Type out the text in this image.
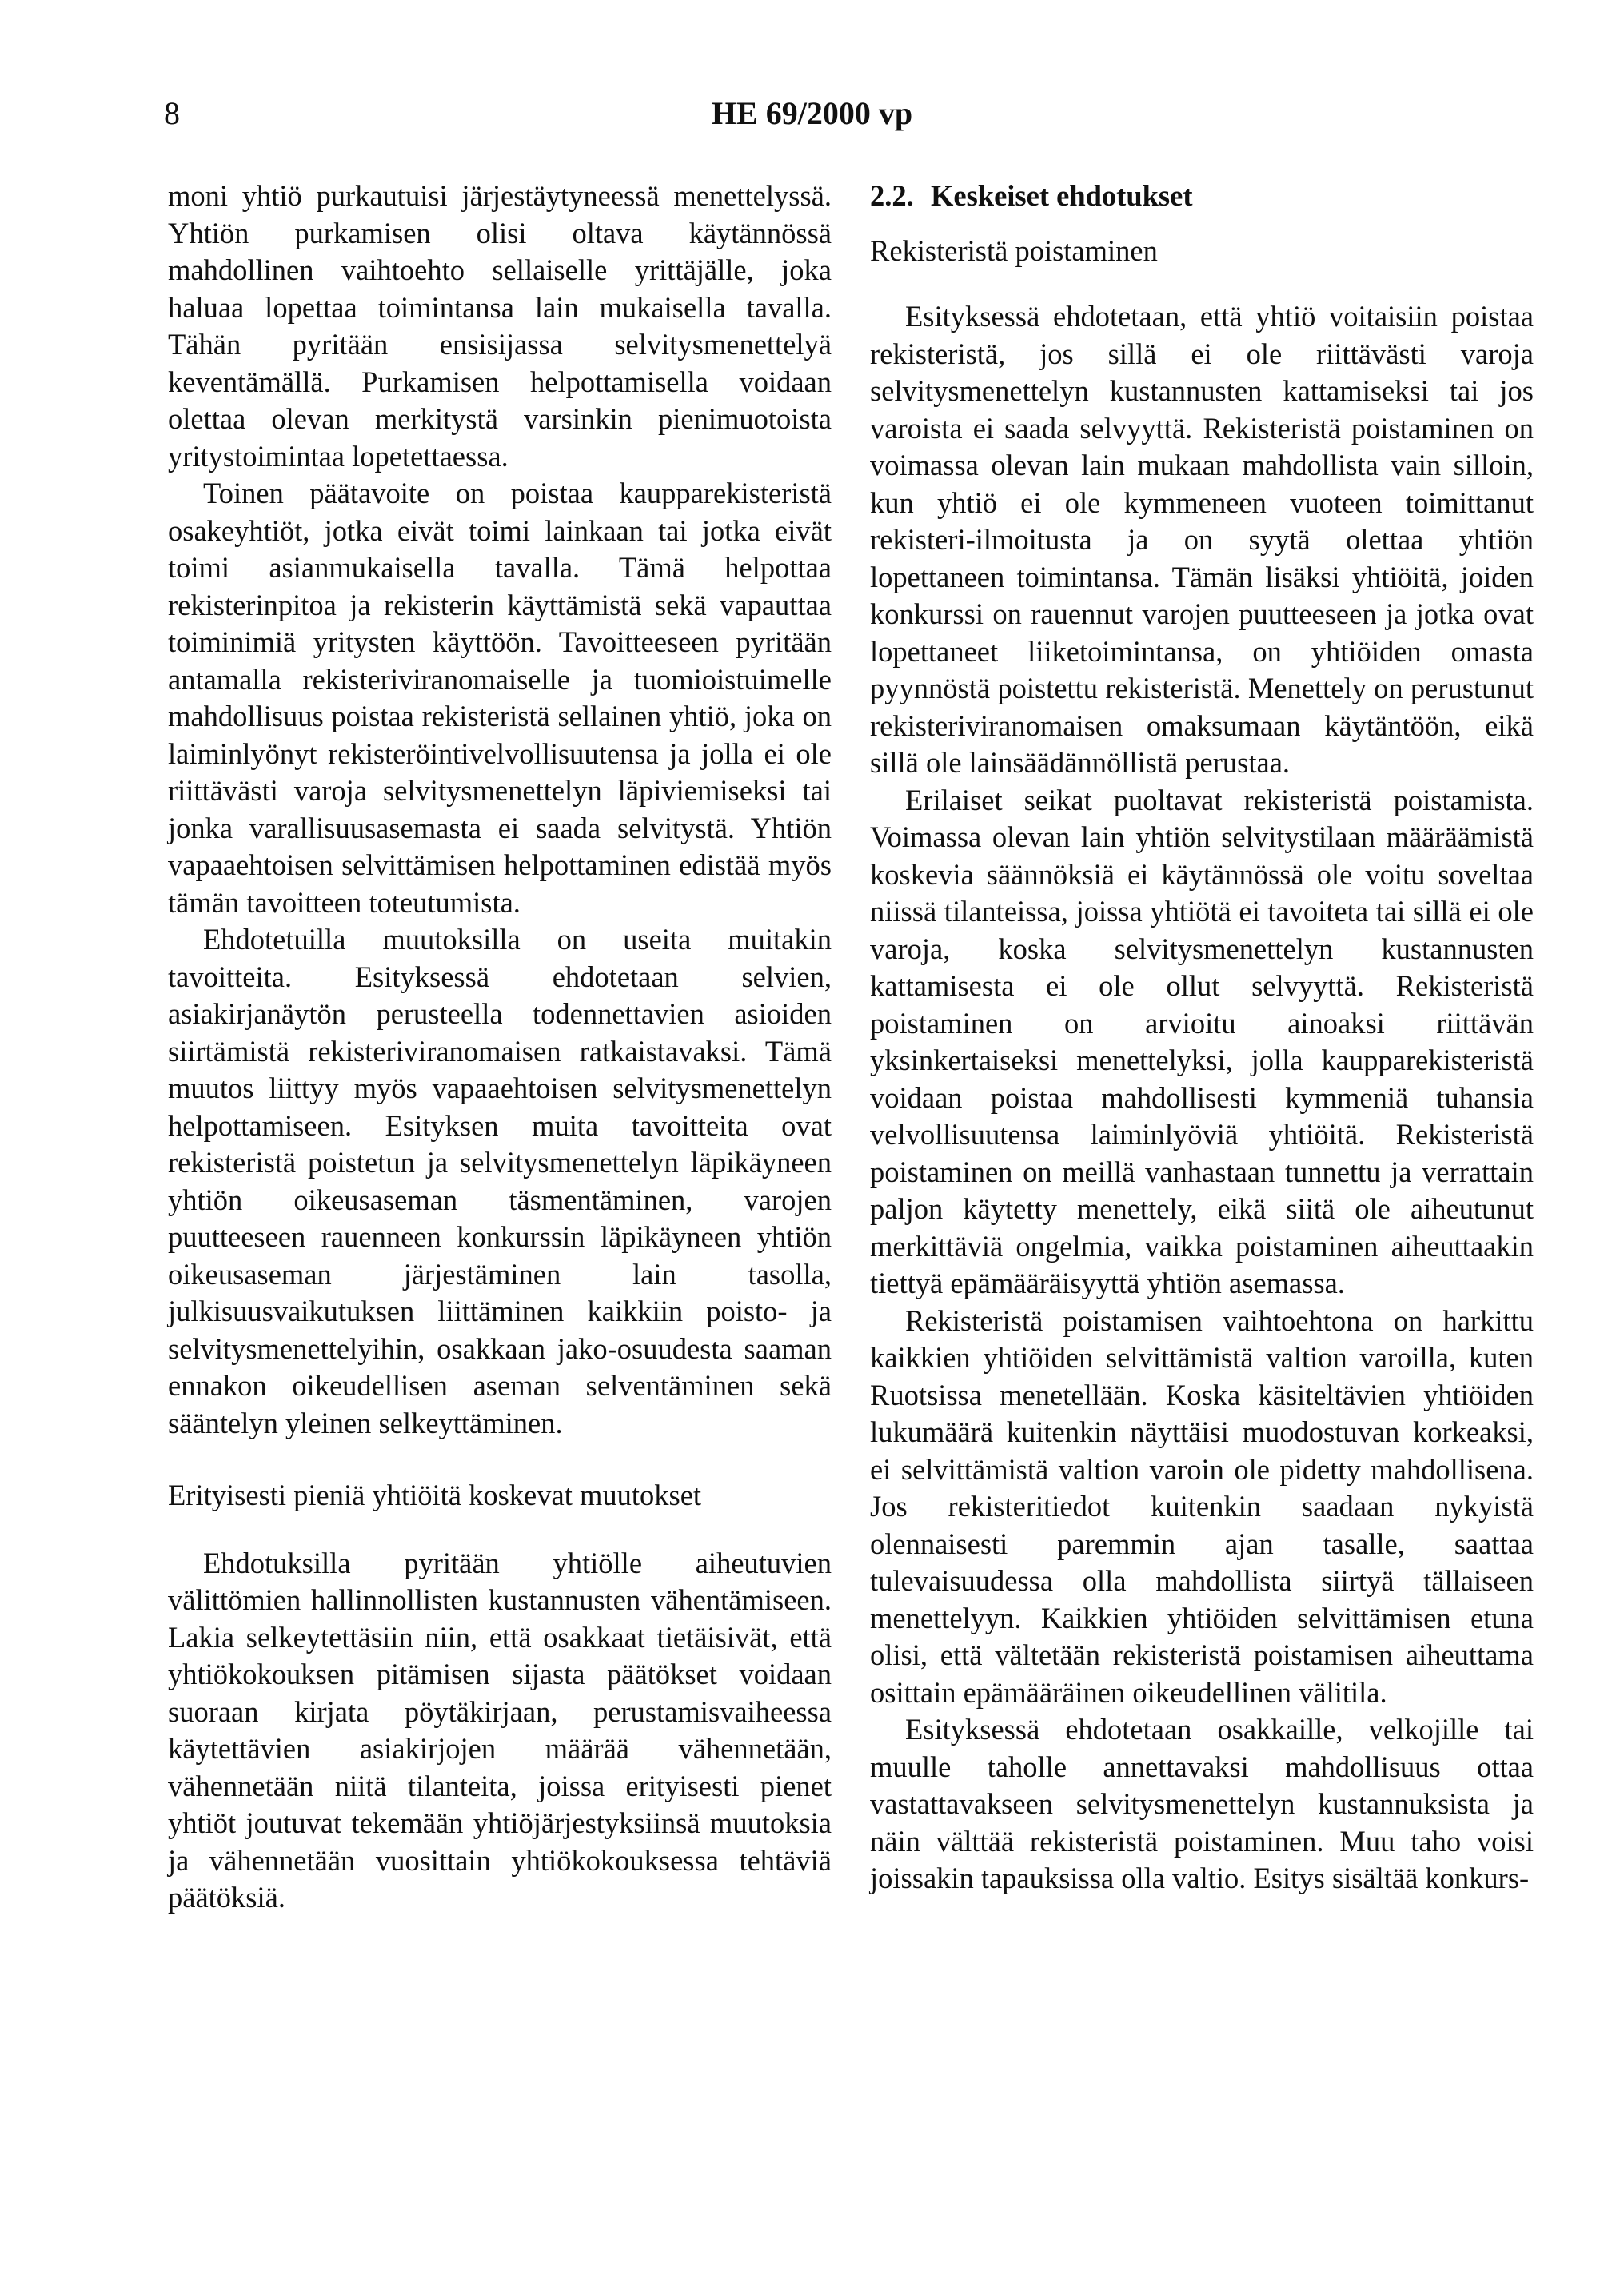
8	HE 69/2000 vp

moni yhtiö purkautuisi järjestäytyneessä menettelyssä. Yhtiön purkamisen olisi oltava käytännössä mahdollinen vaihtoehto sellaiselle yrittäjälle, joka haluaa lopettaa toimintansa lain mukaisella tavalla. Tähän pyritään ensisijassa selvitysmenettelyä keventämällä. Purkamisen helpottamisella voidaan olettaa olevan merkitystä varsinkin pienimuotoista yritystoimintaa lopetettaessa.

Toinen päätavoite on poistaa kaupparekisteristä osakeyhtiöt, jotka eivät toimi lainkaan tai jotka eivät toimi asianmukaisella tavalla. Tämä helpottaa rekisterinpitoa ja rekisterin käyttämistä sekä vapauttaa toiminimiä yritysten käyttöön. Tavoitteeseen pyritään antamalla rekisteriviranomaiselle ja tuomioistuimelle mahdollisuus poistaa rekisteristä sellainen yhtiö, joka on laiminlyönyt rekisteröintivelvollisuutensa ja jolla ei ole riittävästi varoja selvitysmenettelyn läpiviemiseksi tai jonka varallisuusasemasta ei saada selvitystä. Yhtiön vapaaehtoisen selvittämisen helpottaminen edistää myös tämän tavoitteen toteutumista.

Ehdotetuilla muutoksilla on useita muitakin tavoitteita. Esityksessä ehdotetaan selvien, asiakirjanäytön perusteella todennettavien asioiden siirtämistä rekisteriviranomaisen ratkaistavaksi. Tämä muutos liittyy myös vapaaehtoisen selvitysmenettelyn helpottamiseen. Esityksen muita tavoitteita ovat rekisteristä poistetun ja selvitysmenettelyn läpikäyneen yhtiön oikeusaseman täsmentäminen, varojen puutteeseen rauenneen konkurssin läpikäyneen yhtiön oikeusaseman järjestäminen lain tasolla, julkisuusvaikutuksen liittäminen kaikkiin poisto- ja selvitysmenettelyihin, osakkaan jako-osuudesta saaman ennakon oikeudellisen aseman selventäminen sekä sääntelyn yleinen selkeyttäminen.

Erityisesti pieniä yhtiöitä koskevat muutokset

Ehdotuksilla pyritään yhtiölle aiheutuvien välittömien hallinnollisten kustannusten vähentämiseen. Lakia selkeytettäsiin niin, että osakkaat tietäisivät, että yhtiökokouksen pitämisen sijasta päätökset voidaan suoraan kirjata pöytäkirjaan, perustamisvaiheessa käytettävien asiakirjojen määrää vähennetään, vähennetään niitä tilanteita, joissa erityisesti pienet yhtiöt joutuvat tekemään yhtiöjärjestyksiinsä muutoksia ja vähennetään vuosittain yhtiökokouksessa tehtäviä päätöksiä.

2.2. Keskeiset ehdotukset
Rekisteristä poistaminen

Esityksessä ehdotetaan, että yhtiö voitaisiin poistaa rekisteristä, jos sillä ei ole riittävästi varoja selvitysmenettelyn kustannusten kattamiseksi tai jos varoista ei saada selvyyttä. Rekisteristä poistaminen on voimassa olevan lain mukaan mahdollista vain silloin, kun yhtiö ei ole kymmeneen vuoteen toimittanut rekisteri-ilmoitusta ja on syytä olettaa yhtiön lopettaneen toimintansa. Tämän lisäksi yhtiöitä, joiden konkurssi on rauennut varojen puutteeseen ja jotka ovat lopettaneet liiketoimintansa, on yhtiöiden omasta pyynnöstä poistettu rekisteristä. Menettely on perustunut rekisteriviranomaisen omaksumaan käytäntöön, eikä sillä ole lainsäädännöllistä perustaa.

Erilaiset seikat puoltavat rekisteristä poistamista. Voimassa olevan lain yhtiön selvitystilaan määräämistä koskevia säännöksiä ei käytännössä ole voitu soveltaa niissä tilanteissa, joissa yhtiötä ei tavoiteta tai sillä ei ole varoja, koska selvitysmenettelyn kustannusten kattamisesta ei ole ollut selvyyttä. Rekisteristä poistaminen on arvioitu ainoaksi riittävän yksinkertaiseksi menettelyksi, jolla kaupparekisteristä voidaan poistaa mahdollisesti kymmeniä tuhansia velvollisuutensa laiminlyöviä yhtiöitä. Rekisteristä poistaminen on meillä vanhastaan tunnettu ja verrattain paljon käytetty menettely, eikä siitä ole aiheutunut merkittäviä ongelmia, vaikka poistaminen aiheuttaakin tiettyä epämääräisyyttä yhtiön asemassa.

Rekisteristä poistamisen vaihtoehtona on harkittu kaikkien yhtiöiden selvittämistä valtion varoilla, kuten Ruotsissa menetellään. Koska käsiteltävien yhtiöiden lukumäärä kuitenkin näyttäisi muodostuvan korkeaksi, ei selvittämistä valtion varoin ole pidetty mahdollisena. Jos rekisteritiedot kuitenkin saadaan nykyistä olennaisesti paremmin ajan tasalle, saattaa tulevaisuudessa olla mahdollista siirtyä tällaiseen menettelyyn. Kaikkien yhtiöiden selvittämisen etuna olisi, että vältetään rekisteristä poistamisen aiheuttama osittain epämääräinen oikeudellinen välitila.

Esityksessä ehdotetaan osakkaille, velkojille tai muulle taholle annettavaksi mahdollisuus ottaa vastattavakseen selvitysmenettelyn kustannuksista ja näin välttää rekisteristä poistaminen. Muu taho voisi joissakin tapauksissa olla valtio. Esitys sisältää konkurs-
